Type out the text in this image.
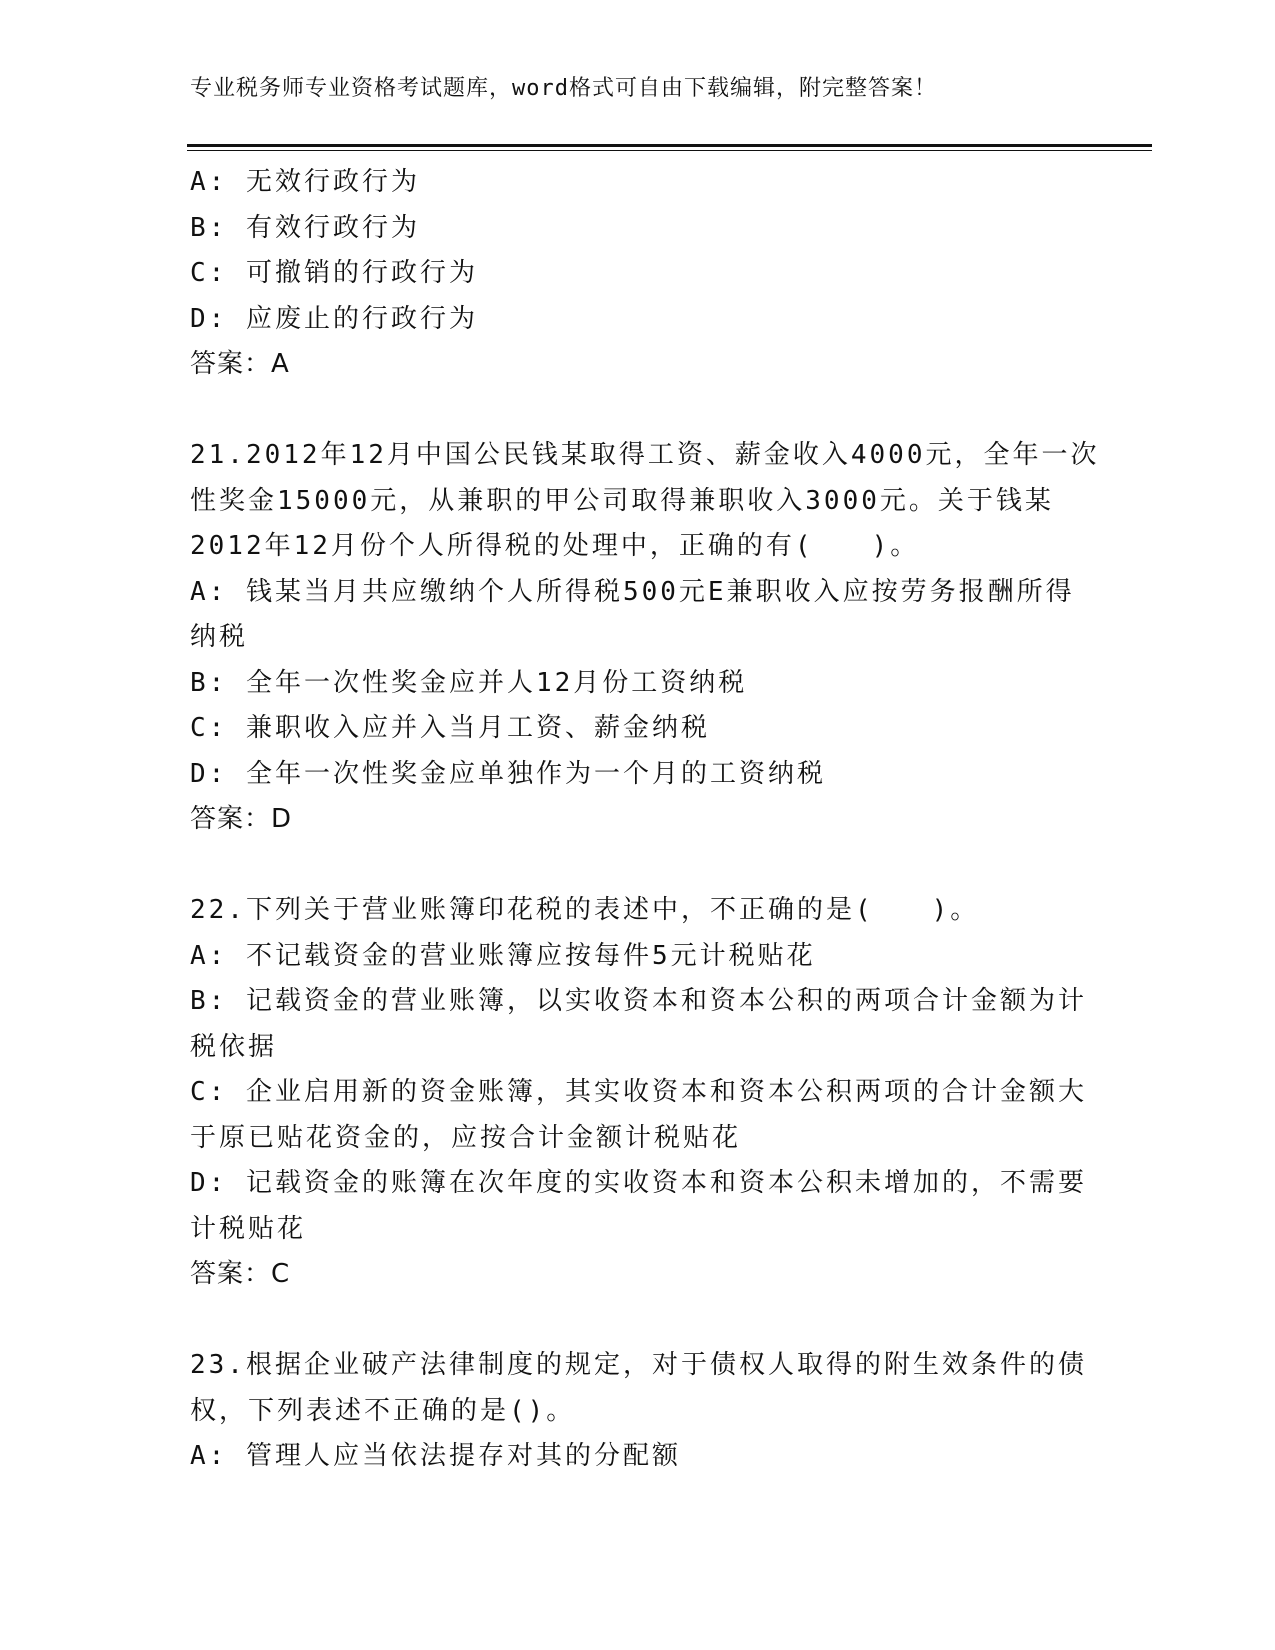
专业税务师专业资格考试题库，word格式可自由下载编辑，附完整答案！
A: 无效行政行为
B: 有效行政行为
C: 可撤销的行政行为
D: 应废止的行政行为
答案：A
21.2012年12月中国公民钱某取得工资、薪金收入4000元，全年一次
性奖金15000元，从兼职的甲公司取得兼职收入3000元。关于钱某
2012年12月份个人所得税的处理中，正确的有(　　)。
A: 钱某当月共应缴纳个人所得税500元E兼职收入应按劳务报酬所得
纳税
B: 全年一次性奖金应并人12月份工资纳税
C: 兼职收入应并入当月工资、薪金纳税
D: 全年一次性奖金应单独作为一个月的工资纳税
答案：D
22.下列关于营业账簿印花税的表述中，不正确的是(　　)。
A: 不记载资金的营业账簿应按每件5元计税贴花
B: 记载资金的营业账簿，以实收资本和资本公积的两项合计金额为计
税依据
C: 企业启用新的资金账簿，其实收资本和资本公积两项的合计金额大
于原已贴花资金的，应按合计金额计税贴花
D: 记载资金的账簿在次年度的实收资本和资本公积未增加的，不需要
计税贴花
答案：C
23.根据企业破产法律制度的规定，对于债权人取得的附生效条件的债
权，下列表述不正确的是()。
A: 管理人应当依法提存对其的分配额
